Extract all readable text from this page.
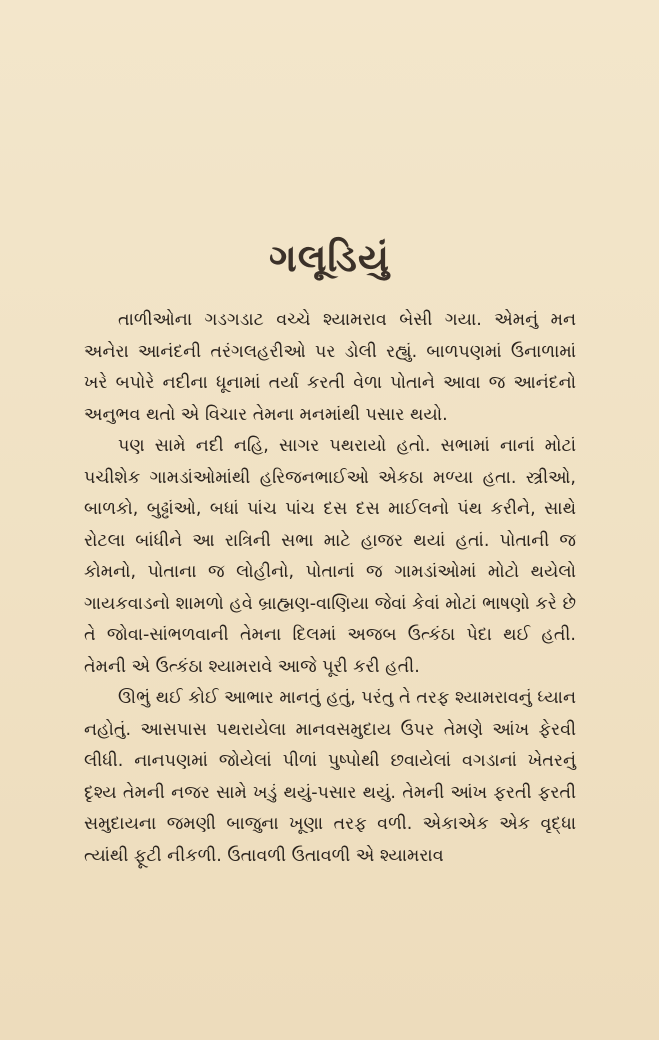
ગલૂડિયું

તાળીઓના ગડગડાટ વચ્ચે શ્યામરાવ બેસી ગયા. એમનું મન અનેરા આનંદની તરંગલહરીઓ પર ડોલી રહ્યું. બાળપણમાં ઉનાળામાં ખરે બપોરે નદીના ધૂનામાં તર્યા કરતી વેળા પોતાને આવા જ આનંદનો અનુભવ થતો એ વિચાર તેમના મનમાંથી પસાર થયો.

પણ સામે નદી નહિ, સાગર પથરાયો હતો. સભામાં નાનાં મોટાં પચીશેક ગામડાંઓમાંથી હરિજનભાઈઓ એકઠા મળ્યા હતા. સ્ત્રીઓ, બાળકો, બુઢ્ઢાંઓ, બધાં પાંચ પાંચ દસ દસ માઈલનો પંથ કરીને, સાથે રોટલા બાંધીને આ રાત્રિની સભા માટે હાજર થયાં હતાં. પોતાની જ કોમનો, પોતાના જ લોહીનો, પોતાનાં જ ગામડાંઓમાં મોટો થયેલો ગાયકવાડનો શામળો હવે બ્રાહ્મણ-વાણિયા જેવાં કેવાં મોટાં ભાષણો કરે છે તે જોવા-સાંભળવાની તેમના દિલમાં અજબ ઉત્કંઠા પેદા થઈ હતી. તેમની એ ઉત્કંઠા શ્યામરાવે આજે પૂરી કરી હતી.

ઊભું થઈ કોઈ આભાર માનતું હતું, પરંતુ તે તરફ શ્યામરાવનું ધ્યાન નહોતું. આસપાસ પથરાયેલા માનવસમુદાય ઉપર તેમણે આંખ ફેરવી લીધી. નાનપણમાં જોયેલાં પીળાં પુષ્પોથી છવાયેલાં વગડાનાં ખેતરનું દૃશ્ય તેમની નજર સામે ખડું થયું-પસાર થયું. તેમની આંખ ફરતી ફરતી સમુદાયના જમણી બાજુના ખૂણા તરફ વળી. એકાએક એક વૃદ્ધા ત્યાંથી ફૂટી નીકળી. ઉતાવળી ઉતાવળી એ શ્યામરાવ
